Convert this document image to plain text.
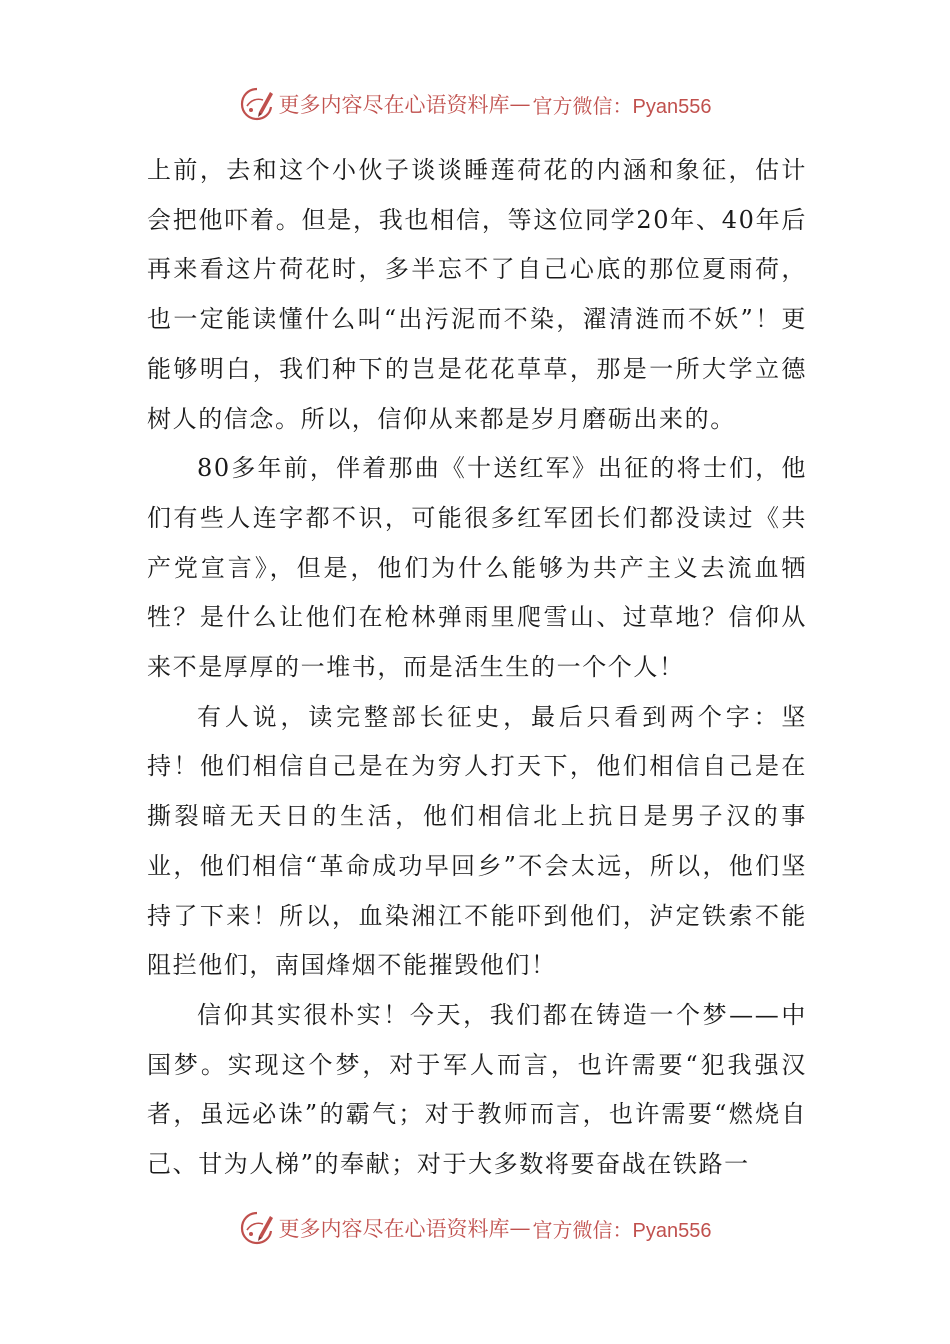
更多内容尽在心语资料库 — 官方微信：Pyan556

上前，去和这个小伙子谈谈睡莲荷花的内涵和象征，估计会把他吓着。但是，我也相信，等这位同学20年、40年后再来看这片荷花时，多半忘不了自己心底的那位夏雨荷，也一定能读懂什么叫“出污泥而不染，濯清涟而不妖”！更能够明白，我们种下的岂是花花草草，那是一所大学立德树人的信念。所以，信仰从来都是岁月磨砺出来的。

80多年前，伴着那曲《十送红军》出征的将士们，他们有些人连字都不识，可能很多红军团长们都没读过《共产党宣言》，但是，他们为什么能够为共产主义去流血牺牲？是什么让他们在枪林弹雨里爬雪山、过草地？信仰从来不是厚厚的一堆书，而是活生生的一个个人！

有人说，读完整部长征史，最后只看到两个字：坚持！他们相信自己是在为穷人打天下，他们相信自己是在撕裂暗无天日的生活，他们相信北上抗日是男子汉的事业，他们相信“革命成功早回乡”不会太远，所以，他们坚持了下来！所以，血染湘江不能吓到他们，泸定铁索不能阻拦他们，南国烽烟不能摧毁他们！

信仰其实很朴实！今天，我们都在铸造一个梦——中国梦。实现这个梦，对于军人而言，也许需要“犯我强汉者，虽远必诛”的霸气；对于教师而言，也许需要“燃烧自己、甘为人梯”的奉献；对于大多数将要奋战在铁路一

更多内容尽在心语资料库 — 官方微信：Pyan556
